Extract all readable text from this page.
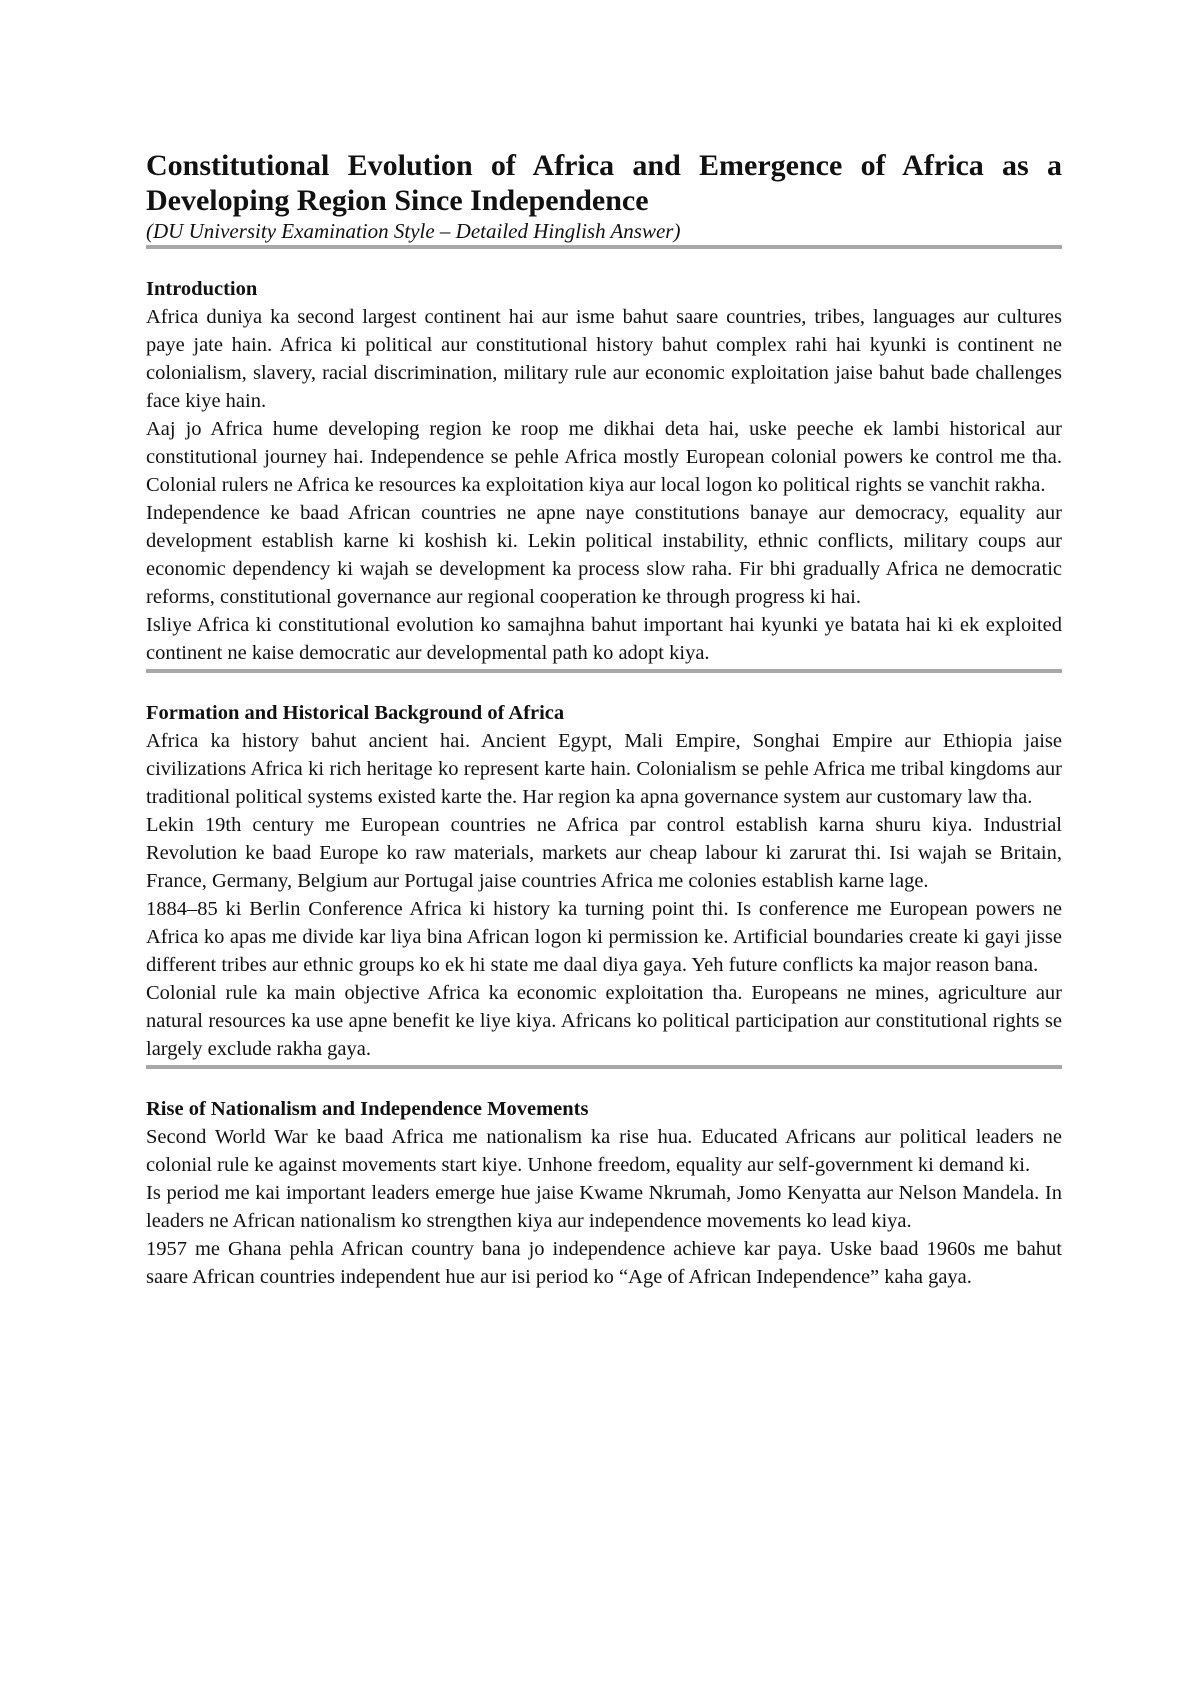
Constitutional Evolution of Africa and Emergence of Africa as a Developing Region Since Independence
(DU University Examination Style – Detailed Hinglish Answer)
Introduction

Africa duniya ka second largest continent hai aur isme bahut saare countries, tribes, languages aur cultures paye jate hain. Africa ki political aur constitutional history bahut complex rahi hai kyunki is continent ne colonialism, slavery, racial discrimination, military rule aur economic exploitation jaise bahut bade challenges face kiye hain.

Aaj jo Africa hume developing region ke roop me dikhai deta hai, uske peeche ek lambi historical aur constitutional journey hai. Independence se pehle Africa mostly European colonial powers ke control me tha. Colonial rulers ne Africa ke resources ka exploitation kiya aur local logon ko political rights se vanchit rakha.

Independence ke baad African countries ne apne naye constitutions banaye aur democracy, equality aur development establish karne ki koshish ki. Lekin political instability, ethnic conflicts, military coups aur economic dependency ki wajah se development ka process slow raha. Fir bhi gradually Africa ne democratic reforms, constitutional governance aur regional cooperation ke through progress ki hai.

Isliye Africa ki constitutional evolution ko samajhna bahut important hai kyunki ye batata hai ki ek exploited continent ne kaise democratic aur developmental path ko adopt kiya.

Formation and Historical Background of Africa

Africa ka history bahut ancient hai. Ancient Egypt, Mali Empire, Songhai Empire aur Ethiopia jaise civilizations Africa ki rich heritage ko represent karte hain. Colonialism se pehle Africa me tribal kingdoms aur traditional political systems existed karte the. Har region ka apna governance system aur customary law tha.

Lekin 19th century me European countries ne Africa par control establish karna shuru kiya. Industrial Revolution ke baad Europe ko raw materials, markets aur cheap labour ki zarurat thi. Isi wajah se Britain, France, Germany, Belgium aur Portugal jaise countries Africa me colonies establish karne lage.

1884–85 ki Berlin Conference Africa ki history ka turning point thi. Is conference me European powers ne Africa ko apas me divide kar liya bina African logon ki permission ke. Artificial boundaries create ki gayi jisse different tribes aur ethnic groups ko ek hi state me daal diya gaya. Yeh future conflicts ka major reason bana.

Colonial rule ka main objective Africa ka economic exploitation tha. Europeans ne mines, agriculture aur natural resources ka use apne benefit ke liye kiya. Africans ko political participation aur constitutional rights se largely exclude rakha gaya.

Rise of Nationalism and Independence Movements

Second World War ke baad Africa me nationalism ka rise hua. Educated Africans aur political leaders ne colonial rule ke against movements start kiye. Unhone freedom, equality aur self-government ki demand ki.

Is period me kai important leaders emerge hue jaise Kwame Nkrumah, Jomo Kenyatta aur Nelson Mandela. In leaders ne African nationalism ko strengthen kiya aur independence movements ko lead kiya.

1957 me Ghana pehla African country bana jo independence achieve kar paya. Uske baad 1960s me bahut saare African countries independent hue aur isi period ko “Age of African Independence” kaha gaya.
